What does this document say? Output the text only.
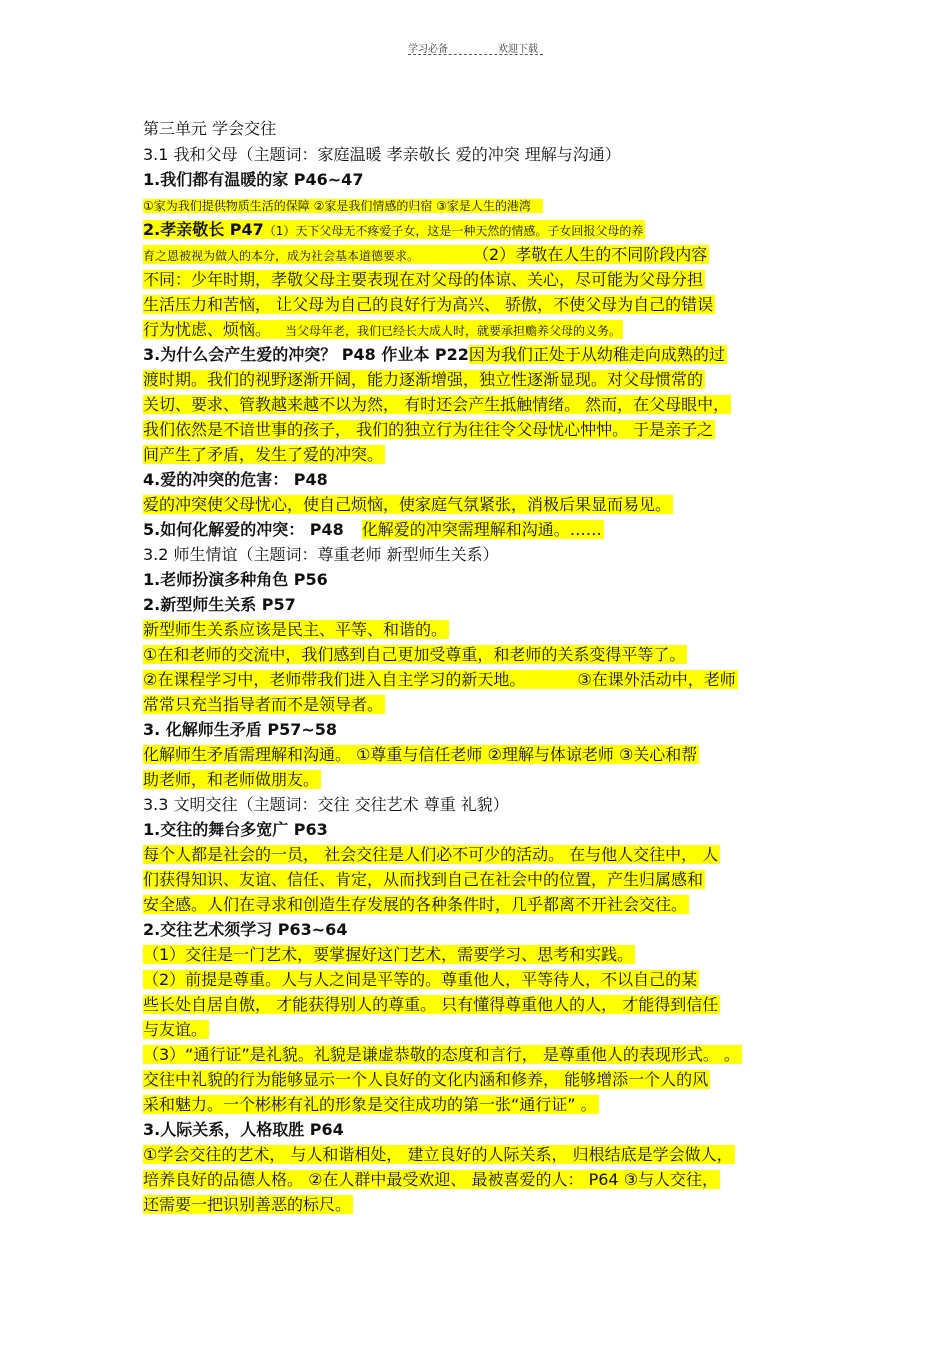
学习必备	欢迎下载
第三单元 学会交往
3.1 我和父母（主题词：家庭温暖 孝亲敬长 爱的冲突 理解与沟通）
1.我们都有温暖的家 P46~47
①家为我们提供物质生活的保障 ②家是我们情感的归宿 ③家是人生的港湾
2.孝亲敬长 P47（1）天下父母无不疼爱子女，这是一种天然的情感。子女回报父母的养
育之恩被视为做人的本分，成为社会基本道德要求。	（2）孝敬在人生的不同阶段内容
不同：少年时期，孝敬父母主要表现在对父母的体谅、关心，尽可能为父母分担
生活压力和苦恼， 让父母为自己的良好行为高兴、 骄傲，不使父母为自己的错误
行为忧虑、烦恼。 当父母年老，我们已经长大成人时，就要承担赡养父母的义务。
3.为什么会产生爱的冲突？ P48 作业本 P22因为我们正处于从幼稚走向成熟的过
渡时期。我们的视野逐渐开阔，能力逐渐增强，独立性逐渐显现。对父母惯常的
关切、要求、管教越来越不以为然， 有时还会产生抵触情绪。 然而，在父母眼中，
我们依然是不谙世事的孩子， 我们的独立行为往往令父母忧心忡忡。 于是亲子之
间产生了矛盾，发生了爱的冲突。
4.爱的冲突的危害： P48
爱的冲突使父母忧心，使自己烦恼，使家庭气氛紧张，消极后果显而易见。
5.如何化解爱的冲突： P48 化解爱的冲突需理解和沟通。……
3.2 师生情谊（主题词：尊重老师 新型师生关系）
1.老师扮演多种角色 P56
2.新型师生关系 P57
新型师生关系应该是民主、平等、和谐的。
①在和老师的交流中，我们感到自己更加受尊重，和老师的关系变得平等了。
②在课程学习中，老师带我们进入自主学习的新天地。	③在课外活动中，老师
常常只充当指导者而不是领导者。
3. 化解师生矛盾 P57~58
化解师生矛盾需理解和沟通。 ①尊重与信任老师 ②理解与体谅老师 ③关心和帮
助老师，和老师做朋友。
3.3 文明交往（主题词：交往 交往艺术 尊重 礼貌）
1.交往的舞台多宽广 P63
每个人都是社会的一员， 社会交往是人们必不可少的活动。 在与他人交往中， 人
们获得知识、友谊、信任、肯定，从而找到自己在社会中的位置，产生归属感和
安全感。人们在寻求和创造生存发展的各种条件时，几乎都离不开社会交往。
2.交往艺术须学习 P63~64
（1）交往是一门艺术，要掌握好这门艺术，需要学习、思考和实践。
（2）前提是尊重。人与人之间是平等的。尊重他人，平等待人，不以自己的某
些长处自居自傲， 才能获得别人的尊重。 只有懂得尊重他人的人， 才能得到信任
与友谊。
（3）“通行证”是礼貌。礼貌是谦虚恭敬的态度和言行， 是尊重他人的表现形式。 。
交往中礼貌的行为能够显示一个人良好的文化内涵和修养， 能够增添一个人的风
采和魅力。一个彬彬有礼的形象是交往成功的第一张“通行证” 。
3.人际关系，人格取胜 P64
①学会交往的艺术， 与人和谐相处， 建立良好的人际关系， 归根结底是学会做人，
培养良好的品德人格。 ②在人群中最受欢迎、 最被喜爱的人： P64 ③与人交往，
还需要一把识别善恶的标尺。
